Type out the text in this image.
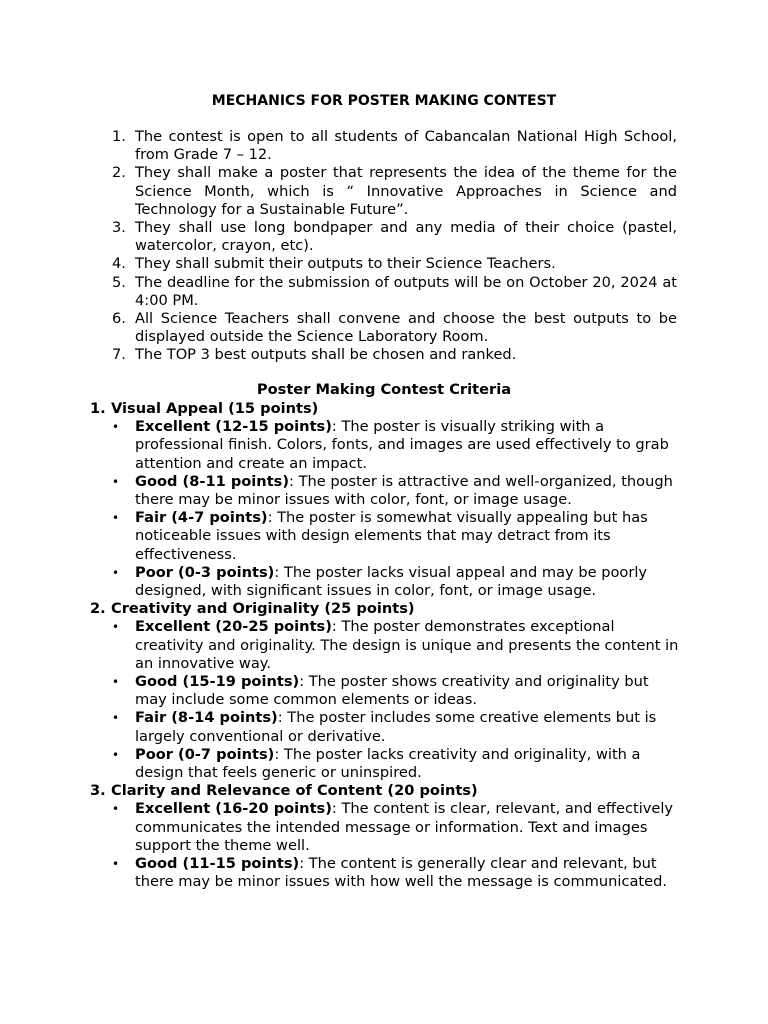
MECHANICS FOR POSTER MAKING CONTEST
1. The contest is open to all students of Cabancalan National High School, from Grade 7 – 12.
2. They shall make a poster that represents the idea of the theme for the Science Month, which is “ Innovative Approaches in Science and Technology for a Sustainable Future”.
3. They shall use long bondpaper and any media of their choice (pastel, watercolor, crayon, etc).
4. They shall submit their outputs to their Science Teachers.
5. The deadline for the submission of outputs will be on October 20, 2024 at 4:00 PM.
6. All Science Teachers shall convene and choose the best outputs to be displayed outside the Science Laboratory Room.
7. The TOP 3 best outputs shall be chosen and ranked.
Poster Making Contest Criteria
1. Visual Appeal (15 points)
• Excellent (12-15 points): The poster is visually striking with a professional finish. Colors, fonts, and images are used effectively to grab attention and create an impact.
• Good (8-11 points): The poster is attractive and well-organized, though there may be minor issues with color, font, or image usage.
• Fair (4-7 points): The poster is somewhat visually appealing but has noticeable issues with design elements that may detract from its effectiveness.
• Poor (0-3 points): The poster lacks visual appeal and may be poorly designed, with significant issues in color, font, or image usage.
2. Creativity and Originality (25 points)
• Excellent (20-25 points): The poster demonstrates exceptional creativity and originality. The design is unique and presents the content in an innovative way.
• Good (15-19 points): The poster shows creativity and originality but may include some common elements or ideas.
• Fair (8-14 points): The poster includes some creative elements but is largely conventional or derivative.
• Poor (0-7 points): The poster lacks creativity and originality, with a design that feels generic or uninspired.
3. Clarity and Relevance of Content (20 points)
• Excellent (16-20 points): The content is clear, relevant, and effectively communicates the intended message or information. Text and images support the theme well.
• Good (11-15 points): The content is generally clear and relevant, but there may be minor issues with how well the message is communicated.
